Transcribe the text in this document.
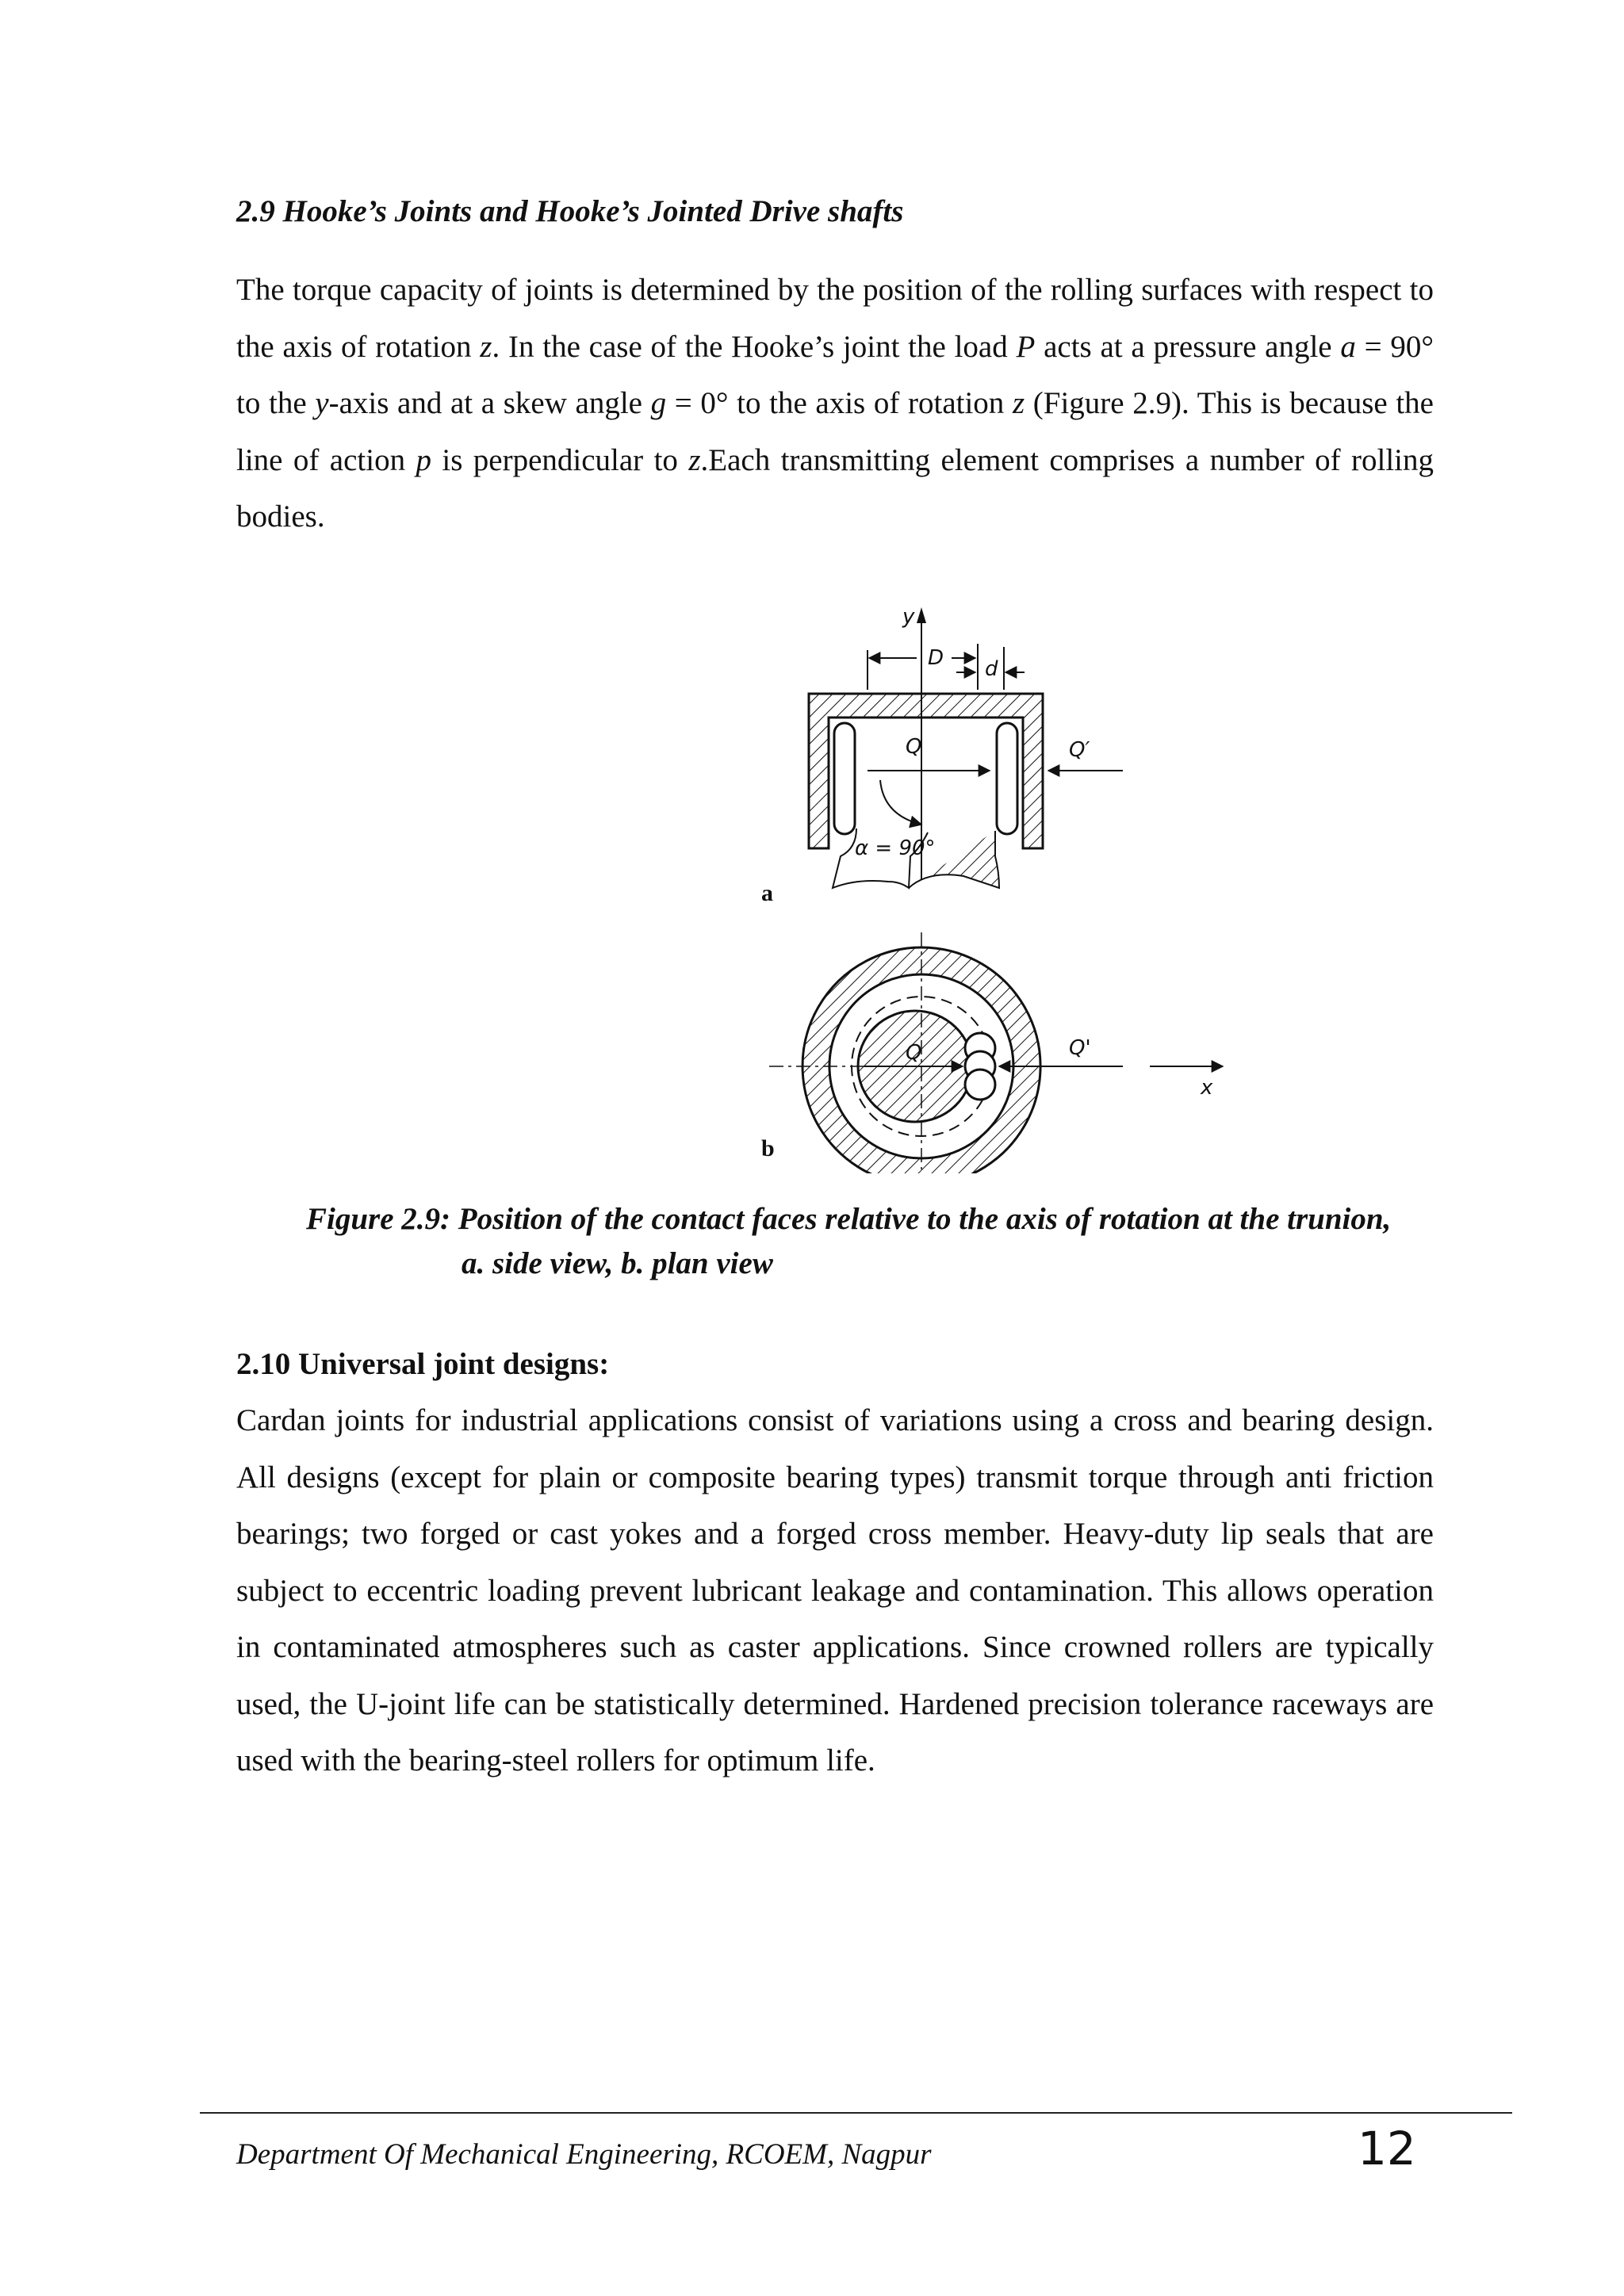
2.9 Hooke’s Joints and Hooke’s Jointed Drive shafts

The torque capacity of joints is determined by the position of the rolling surfaces with respect to the axis of rotation z. In the case of the Hooke’s joint the load P acts at a pressure angle a = 90° to the y-axis and at a skew angle g = 0° to the axis of rotation z (Figure 2.9). This is because the line of action p is perpendicular to z.Each transmitting element comprises a number of rolling bodies.

y
D d
Q	Q′
α = 90°
a
Q	Q'
x
b

Figure 2.9: Position of the contact faces relative to the axis of rotation at the trunion,

a. side view, b. plan view

2.10 Universal joint designs:

Cardan joints for industrial applications consist of variations using a cross and bearing design. All designs (except for plain or composite bearing types) transmit torque through anti friction bearings; two forged or cast yokes and a forged cross member. Heavy-duty lip seals that are subject to eccentric loading prevent lubricant leakage and contamination. This allows operation in contaminated atmospheres such as caster applications. Since crowned rollers are typically used, the U-joint life can be statistically determined. Hardened precision tolerance raceways are used with the bearing-steel rollers for optimum life.

Department Of Mechanical Engineering, RCOEM, Nagpur	12
